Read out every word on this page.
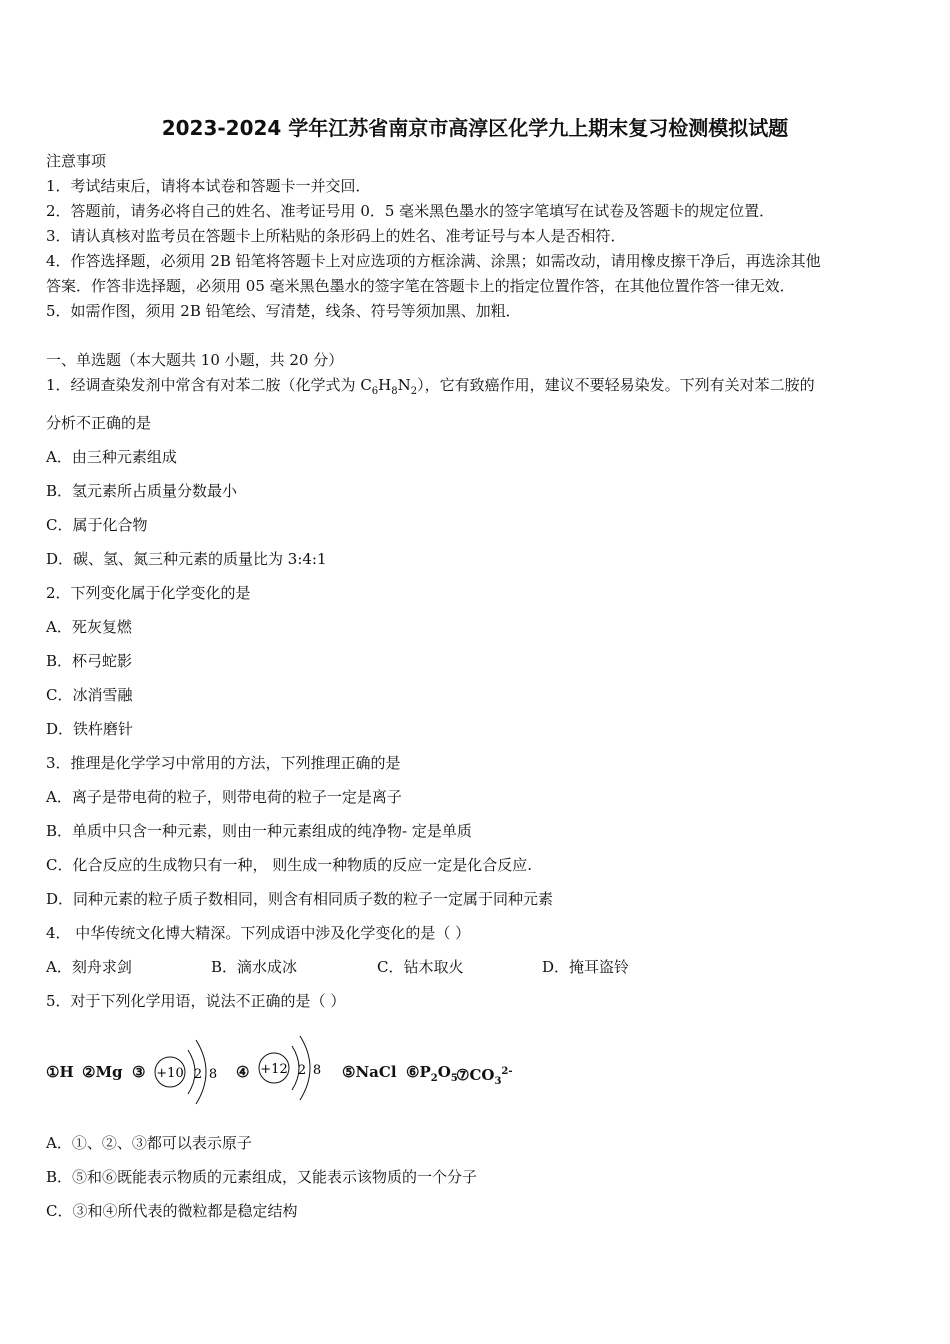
2023-2024 学年江苏省南京市高淳区化学九上期末复习检测模拟试题
注意事项
1．考试结束后，请将本试卷和答题卡一并交回．
2．答题前，请务必将自己的姓名、准考证号用 0．5 毫米黑色墨水的签字笔填写在试卷及答题卡的规定位置．
3．请认真核对监考员在答题卡上所粘贴的条形码上的姓名、准考证号与本人是否相符．
4．作答选择题，必须用 2B 铅笔将答题卡上对应选项的方框涂满、涂黑；如需改动，请用橡皮擦干净后，再选涂其他
答案．作答非选择题，必须用 05 毫米黑色墨水的签字笔在答题卡上的指定位置作答，在其他位置作答一律无效．
5．如需作图，须用 2B 铅笔绘、写清楚，线条、符号等须加黑、加粗．
一、单选题（本大题共 10 小题，共 20 分）
1．经调查染发剂中常含有对苯二胺（化学式为 $C_6H_8N_2$），它有致癌作用，建议不要轻易染发。下列有关对苯二胺的
分析不正确的是
A．由三种元素组成
B．氢元素所占质量分数最小
C．属于化合物
D．碳、氢、氮三种元素的质量比为 3:4:1
2．下列变化属于化学变化的是
A．死灰复燃
B．杯弓蛇影
C．冰消雪融
D．铁杵磨针
3．推理是化学学习中常用的方法，下列推理正确的是
A．离子是带电荷的粒子，则带电荷的粒子一定是离子
B．单质中只含一种元素，则由一种元素组成的纯净物- 定是单质
C．化合反应的生成物只有一种， 则生成一种物质的反应一定是化合反应.
D．同种元素的粒子质子数相同，则含有相同质子数的粒子一定属于同种元素
4． 中华传统文化博大精深。下列成语中涉及化学变化的是（ ）
A．刻舟求剑	B．滴水成冰	C．钻木取火	D．掩耳盗铃
5．对于下列化学用语，说法不正确的是（ ）
①H ②Mg ③ +10 2 8 ④ +12 2 8 ⑤NaCl $⑥P_2O_5$
$⑦CO_3^{2-}$
A．①、②、③都可以表示原子
B．⑤和⑥既能表示物质的元素组成，又能表示该物质的一个分子
C．③和④所代表的微粒都是稳定结构
